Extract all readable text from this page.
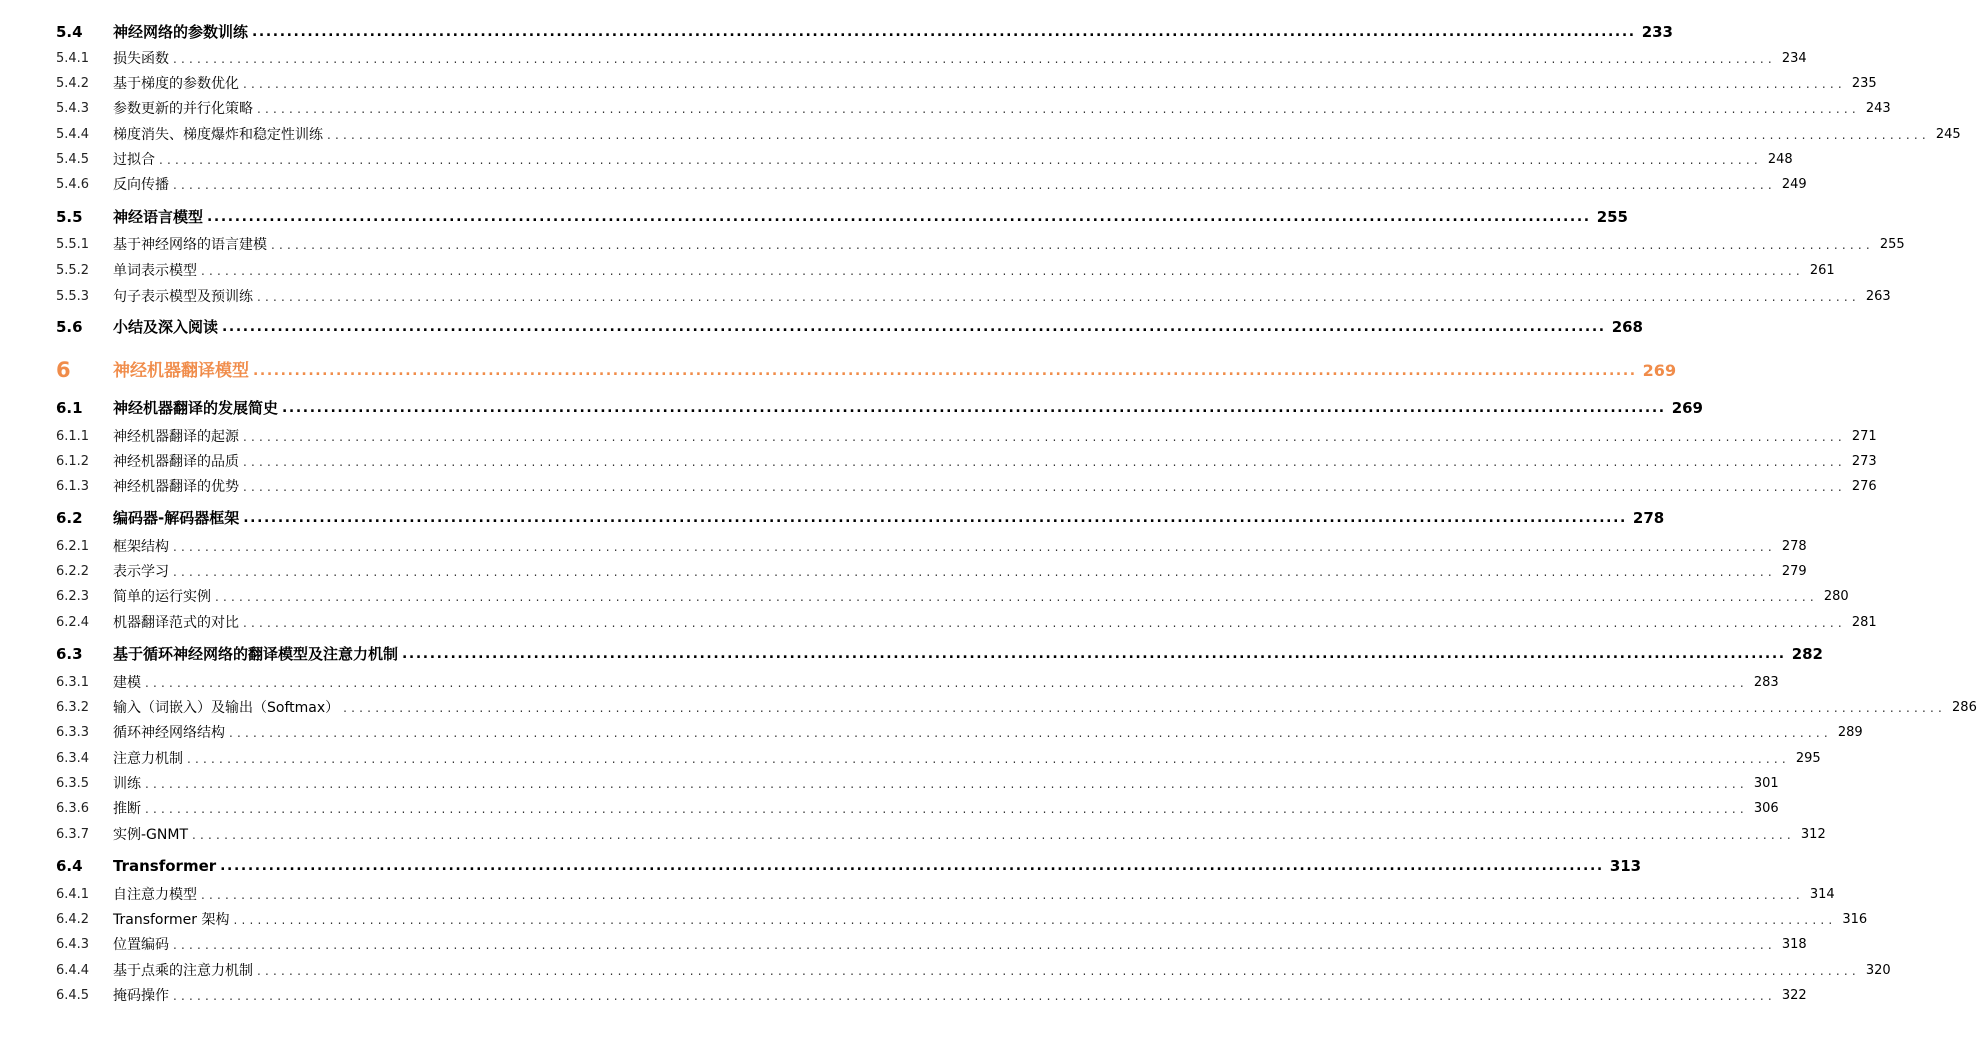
5.4 神经网络的参数训练 ........................................................................................................................................................................................................ 233
5.4.1 损失函数 ........................................................................................................................................................................................................ 234
5.4.2 基于梯度的参数优化 ........................................................................................................................................................................................................ 235
5.4.3 参数更新的并行化策略 ........................................................................................................................................................................................................ 243
5.4.4 梯度消失、梯度爆炸和稳定性训练 ........................................................................................................................................................................................................ 245
5.4.5 过拟合 ........................................................................................................................................................................................................ 248
5.4.6 反向传播 ........................................................................................................................................................................................................ 249
5.5 神经语言模型 ........................................................................................................................................................................................................ 255
5.5.1 基于神经网络的语言建模 ........................................................................................................................................................................................................ 255
5.5.2 单词表示模型 ........................................................................................................................................................................................................ 261
5.5.3 句子表示模型及预训练 ........................................................................................................................................................................................................ 263
5.6 小结及深入阅读 ........................................................................................................................................................................................................ 268
6 神经机器翻译模型 ........................................................................................................................................................................................................ 269
6.1 神经机器翻译的发展简史 ........................................................................................................................................................................................................ 269
6.1.1 神经机器翻译的起源 ........................................................................................................................................................................................................ 271
6.1.2 神经机器翻译的品质 ........................................................................................................................................................................................................ 273
6.1.3 神经机器翻译的优势 ........................................................................................................................................................................................................ 276
6.2 编码器-解码器框架 ........................................................................................................................................................................................................ 278
6.2.1 框架结构 ........................................................................................................................................................................................................ 278
6.2.2 表示学习 ........................................................................................................................................................................................................ 279
6.2.3 简单的运行实例 ........................................................................................................................................................................................................ 280
6.2.4 机器翻译范式的对比 ........................................................................................................................................................................................................ 281
6.3 基于循环神经网络的翻译模型及注意力机制 ........................................................................................................................................................................................................ 282
6.3.1 建模 ........................................................................................................................................................................................................ 283
6.3.2 输入（词嵌入）及输出（Softmax） ........................................................................................................................................................................................................ 286
6.3.3 循环神经网络结构 ........................................................................................................................................................................................................ 289
6.3.4 注意力机制 ........................................................................................................................................................................................................ 295
6.3.5 训练 ........................................................................................................................................................................................................ 301
6.3.6 推断 ........................................................................................................................................................................................................ 306
6.3.7 实例-GNMT ........................................................................................................................................................................................................ 312
6.4 Transformer ........................................................................................................................................................................................................ 313
6.4.1 自注意力模型 ........................................................................................................................................................................................................ 314
6.4.2 Transformer 架构 ........................................................................................................................................................................................................ 316
6.4.3 位置编码 ........................................................................................................................................................................................................ 318
6.4.4 基于点乘的注意力机制 ........................................................................................................................................................................................................ 320
6.4.5 掩码操作 ........................................................................................................................................................................................................ 322
